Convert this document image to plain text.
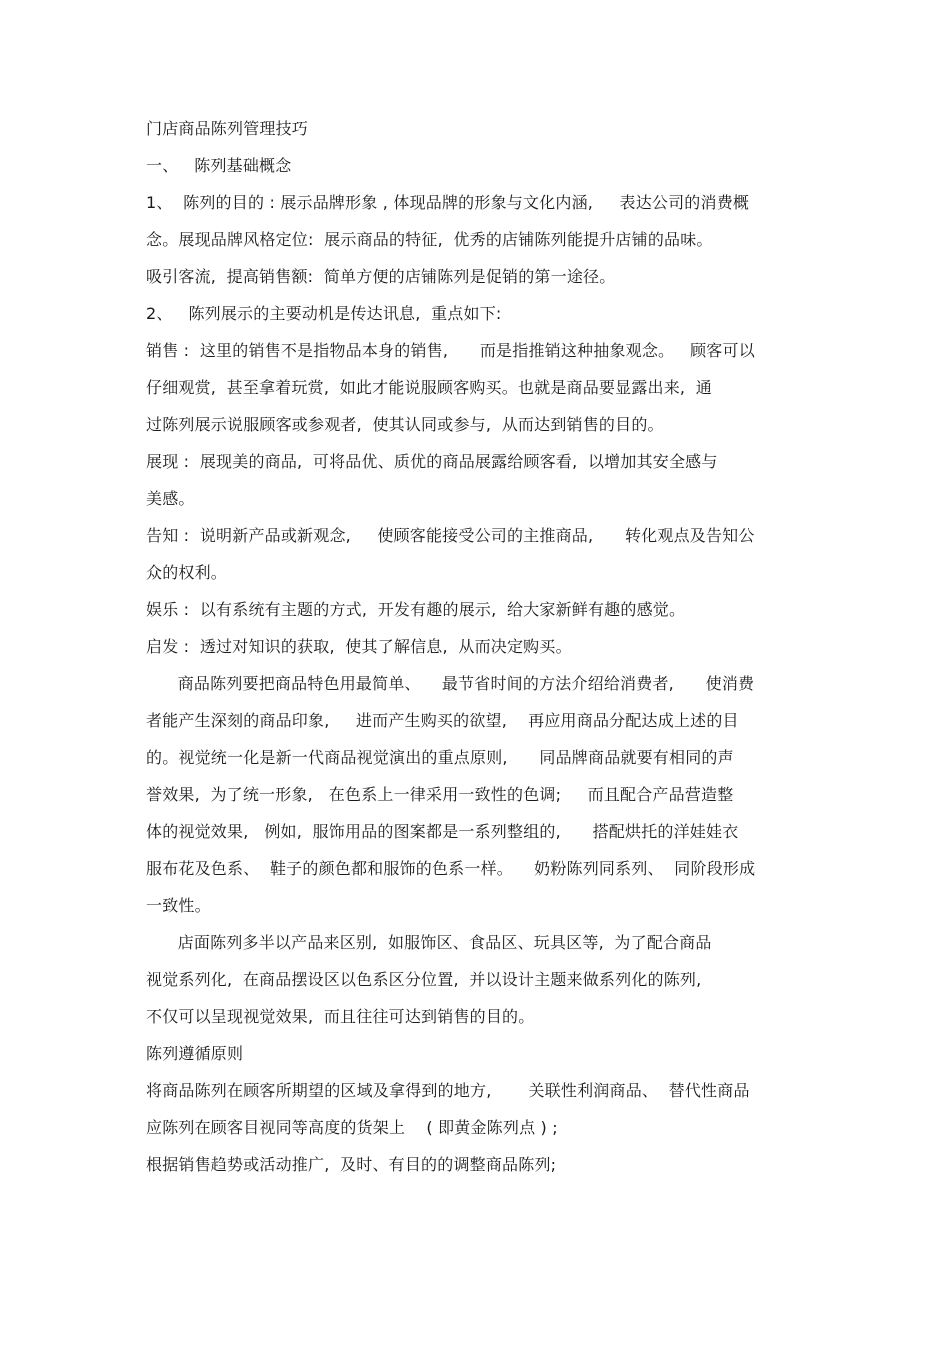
门店商品陈列管理技巧

一、   陈列基础概念

1、  陈列的目的 : 展示品牌形象 , 体现品牌的形象与文化内涵,     表达公司的消费概

念。展现品牌风格定位:  展示商品的特征,  优秀的店铺陈列能提升店铺的品味。

吸引客流,  提高销售额:  简单方便的店铺陈列是促销的第一途径。

2、   陈列展示的主要动机是传达讯息,  重点如下:

销售 :  这里的销售不是指物品本身的销售,      而是指推销这种抽象观念。   顾客可以

仔细观赏,  甚至拿着玩赏,  如此才能说服顾客购买。也就是商品要显露出来,  通

过陈列展示说服顾客或参观者,  使其认同或参与,  从而达到销售的目的。

展现 :  展现美的商品,  可将品优、质优的商品展露给顾客看,  以增加其安全感与

美感。

告知 :  说明新产品或新观念,     使顾客能接受公司的主推商品,      转化观点及告知公

众的权利。

娱乐 :  以有系统有主题的方式,  开发有趣的展示,  给大家新鲜有趣的感觉。

启发 :  透过对知识的获取,  使其了解信息,  从而决定购买。

商品陈列要把商品特色用最简单、    最节省时间的方法介绍给消费者,      使消费

者能产生深刻的商品印象,     进而产生购买的欲望,    再应用商品分配达成上述的目

的。视觉统一化是新一代商品视觉演出的重点原则,      同品牌商品就要有相同的声

誉效果,  为了统一形象,   在色系上一律采用一致性的色调;     而且配合产品营造整

体的视觉效果,   例如,  服饰用品的图案都是一系列整组的,      搭配烘托的洋娃娃衣

服布花及色系、  鞋子的颜色都和服饰的色系一样。    奶粉陈列同系列、  同阶段形成

一致性。

店面陈列多半以产品来区别,  如服饰区、食品区、玩具区等,  为了配合商品

视觉系列化,  在商品摆设区以色系区分位置,  并以设计主题来做系列化的陈列,

不仅可以呈现视觉效果,  而且往往可达到销售的目的。

陈列遵循原则

将商品陈列在顾客所期望的区域及拿得到的地方,       关联性利润商品、  替代性商品

应陈列在顾客目视同等高度的货架上    ( 即黄金陈列点 ) ;

根据销售趋势或活动推广,  及时、有目的的调整商品陈列;
